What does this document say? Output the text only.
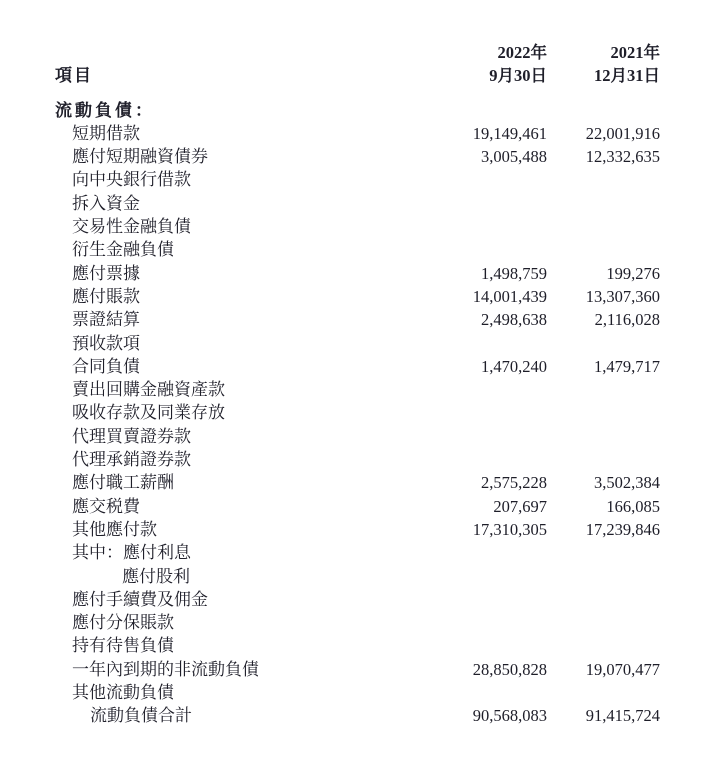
	2022年	2021年
項目	9月30日	12月31日
流動負債：		
短期借款	19,149,461	22,001,916
應付短期融資債券	3,005,488	12,332,635
向中央銀行借款		
拆入資金		
交易性金融負債		
衍生金融負債		
應付票據	1,498,759	199,276
應付賬款	14,001,439	13,307,360
票證結算	2,498,638	2,116,028
預收款項		
合同負債	1,470,240	1,479,717
賣出回購金融資產款		
吸收存款及同業存放		
代理買賣證券款		
代理承銷證券款		
應付職工薪酬	2,575,228	3,502,384
應交税費	207,697	166,085
其他應付款	17,310,305	17,239,846
其中：應付利息		
應付股利		
應付手續費及佣金		
應付分保賬款		
持有待售負債		
一年內到期的非流動負債	28,850,828	19,070,477
其他流動負債		
流動負債合計	90,568,083	91,415,724
